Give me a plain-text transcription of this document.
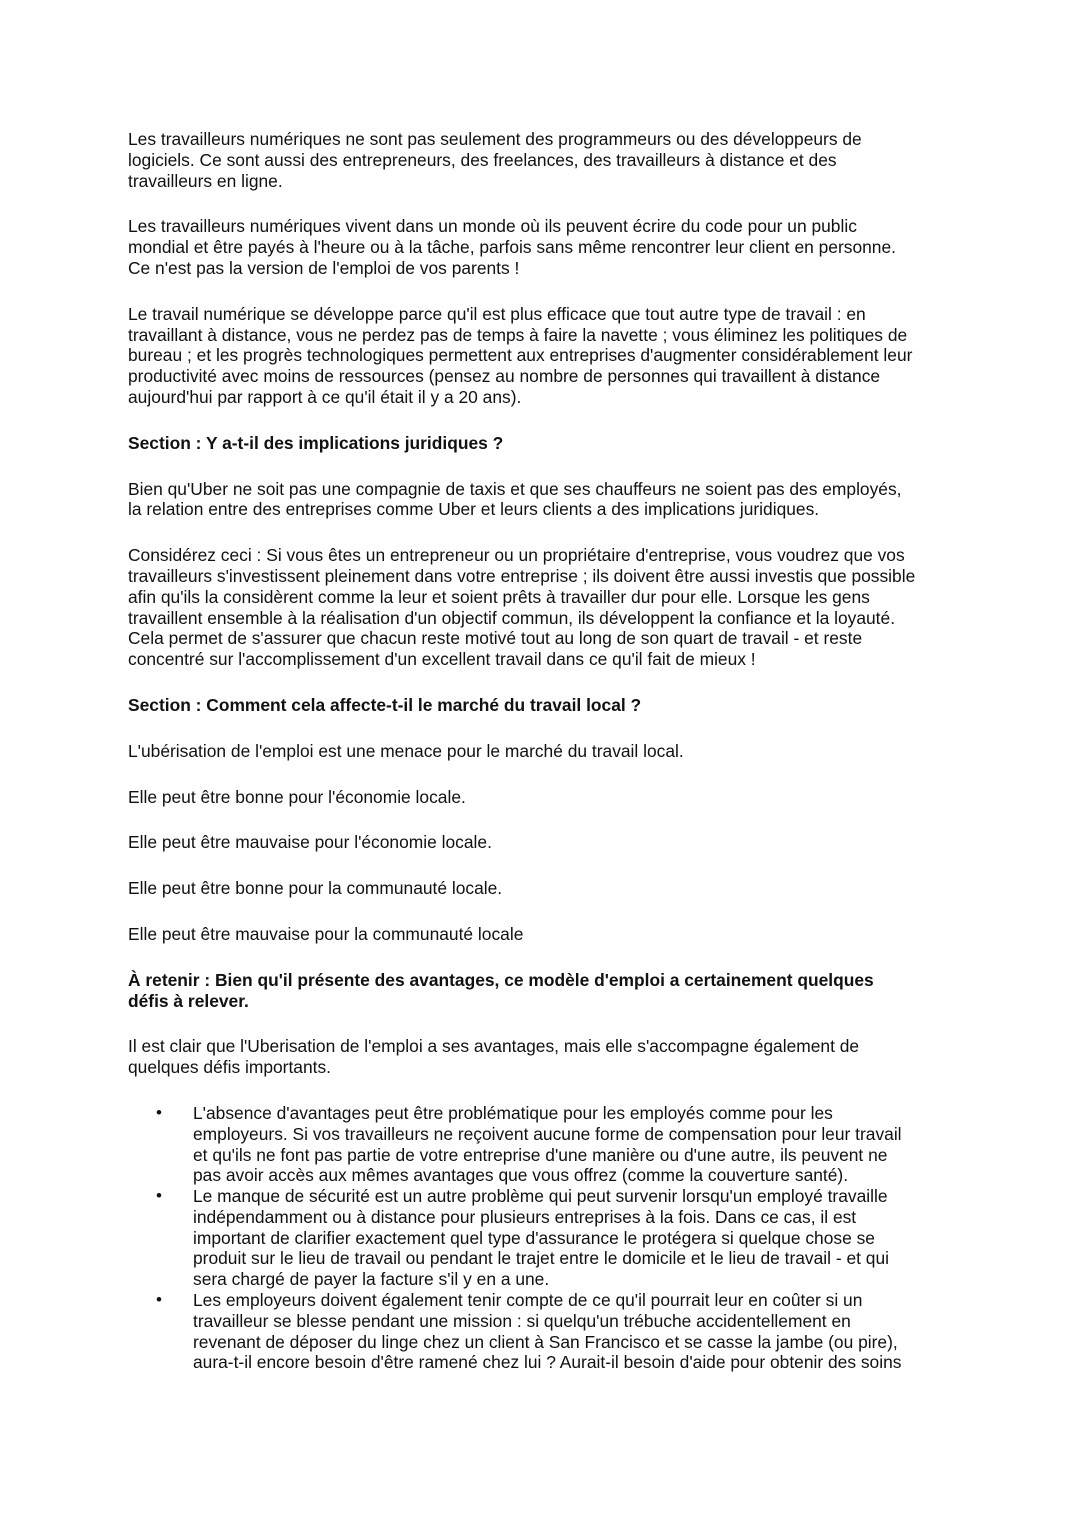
Les travailleurs numériques ne sont pas seulement des programmeurs ou des développeurs de
logiciels. Ce sont aussi des entrepreneurs, des freelances, des travailleurs à distance et des
travailleurs en ligne.
Les travailleurs numériques vivent dans un monde où ils peuvent écrire du code pour un public
mondial et être payés à l'heure ou à la tâche, parfois sans même rencontrer leur client en personne.
Ce n'est pas la version de l'emploi de vos parents !
Le travail numérique se développe parce qu'il est plus efficace que tout autre type de travail : en
travaillant à distance, vous ne perdez pas de temps à faire la navette ; vous éliminez les politiques de
bureau ; et les progrès technologiques permettent aux entreprises d'augmenter considérablement leur
productivité avec moins de ressources (pensez au nombre de personnes qui travaillent à distance
aujourd'hui par rapport à ce qu'il était il y a 20 ans).
Section : Y a-t-il des implications juridiques ?
Bien qu'Uber ne soit pas une compagnie de taxis et que ses chauffeurs ne soient pas des employés,
la relation entre des entreprises comme Uber et leurs clients a des implications juridiques.
Considérez ceci : Si vous êtes un entrepreneur ou un propriétaire d'entreprise, vous voudrez que vos
travailleurs s'investissent pleinement dans votre entreprise ; ils doivent être aussi investis que possible
afin qu'ils la considèrent comme la leur et soient prêts à travailler dur pour elle. Lorsque les gens
travaillent ensemble à la réalisation d'un objectif commun, ils développent la confiance et la loyauté.
Cela permet de s'assurer que chacun reste motivé tout au long de son quart de travail - et reste
concentré sur l'accomplissement d'un excellent travail dans ce qu'il fait de mieux !
Section : Comment cela affecte-t-il le marché du travail local ?
L'ubérisation de l'emploi est une menace pour le marché du travail local.
Elle peut être bonne pour l'économie locale.
Elle peut être mauvaise pour l'économie locale.
Elle peut être bonne pour la communauté locale.
Elle peut être mauvaise pour la communauté locale
À retenir : Bien qu'il présente des avantages, ce modèle d'emploi a certainement quelques
défis à relever.
Il est clair que l'Uberisation de l'emploi a ses avantages, mais elle s'accompagne également de
quelques défis importants.
•	L'absence d'avantages peut être problématique pour les employés comme pour les
employeurs. Si vos travailleurs ne reçoivent aucune forme de compensation pour leur travail
et qu'ils ne font pas partie de votre entreprise d'une manière ou d'une autre, ils peuvent ne
pas avoir accès aux mêmes avantages que vous offrez (comme la couverture santé).
•	Le manque de sécurité est un autre problème qui peut survenir lorsqu'un employé travaille
indépendamment ou à distance pour plusieurs entreprises à la fois. Dans ce cas, il est
important de clarifier exactement quel type d'assurance le protégera si quelque chose se
produit sur le lieu de travail ou pendant le trajet entre le domicile et le lieu de travail - et qui
sera chargé de payer la facture s'il y en a une.
•	Les employeurs doivent également tenir compte de ce qu'il pourrait leur en coûter si un
travailleur se blesse pendant une mission : si quelqu'un trébuche accidentellement en
revenant de déposer du linge chez un client à San Francisco et se casse la jambe (ou pire),
aura-t-il encore besoin d'être ramené chez lui ? Aurait-il besoin d'aide pour obtenir des soins
